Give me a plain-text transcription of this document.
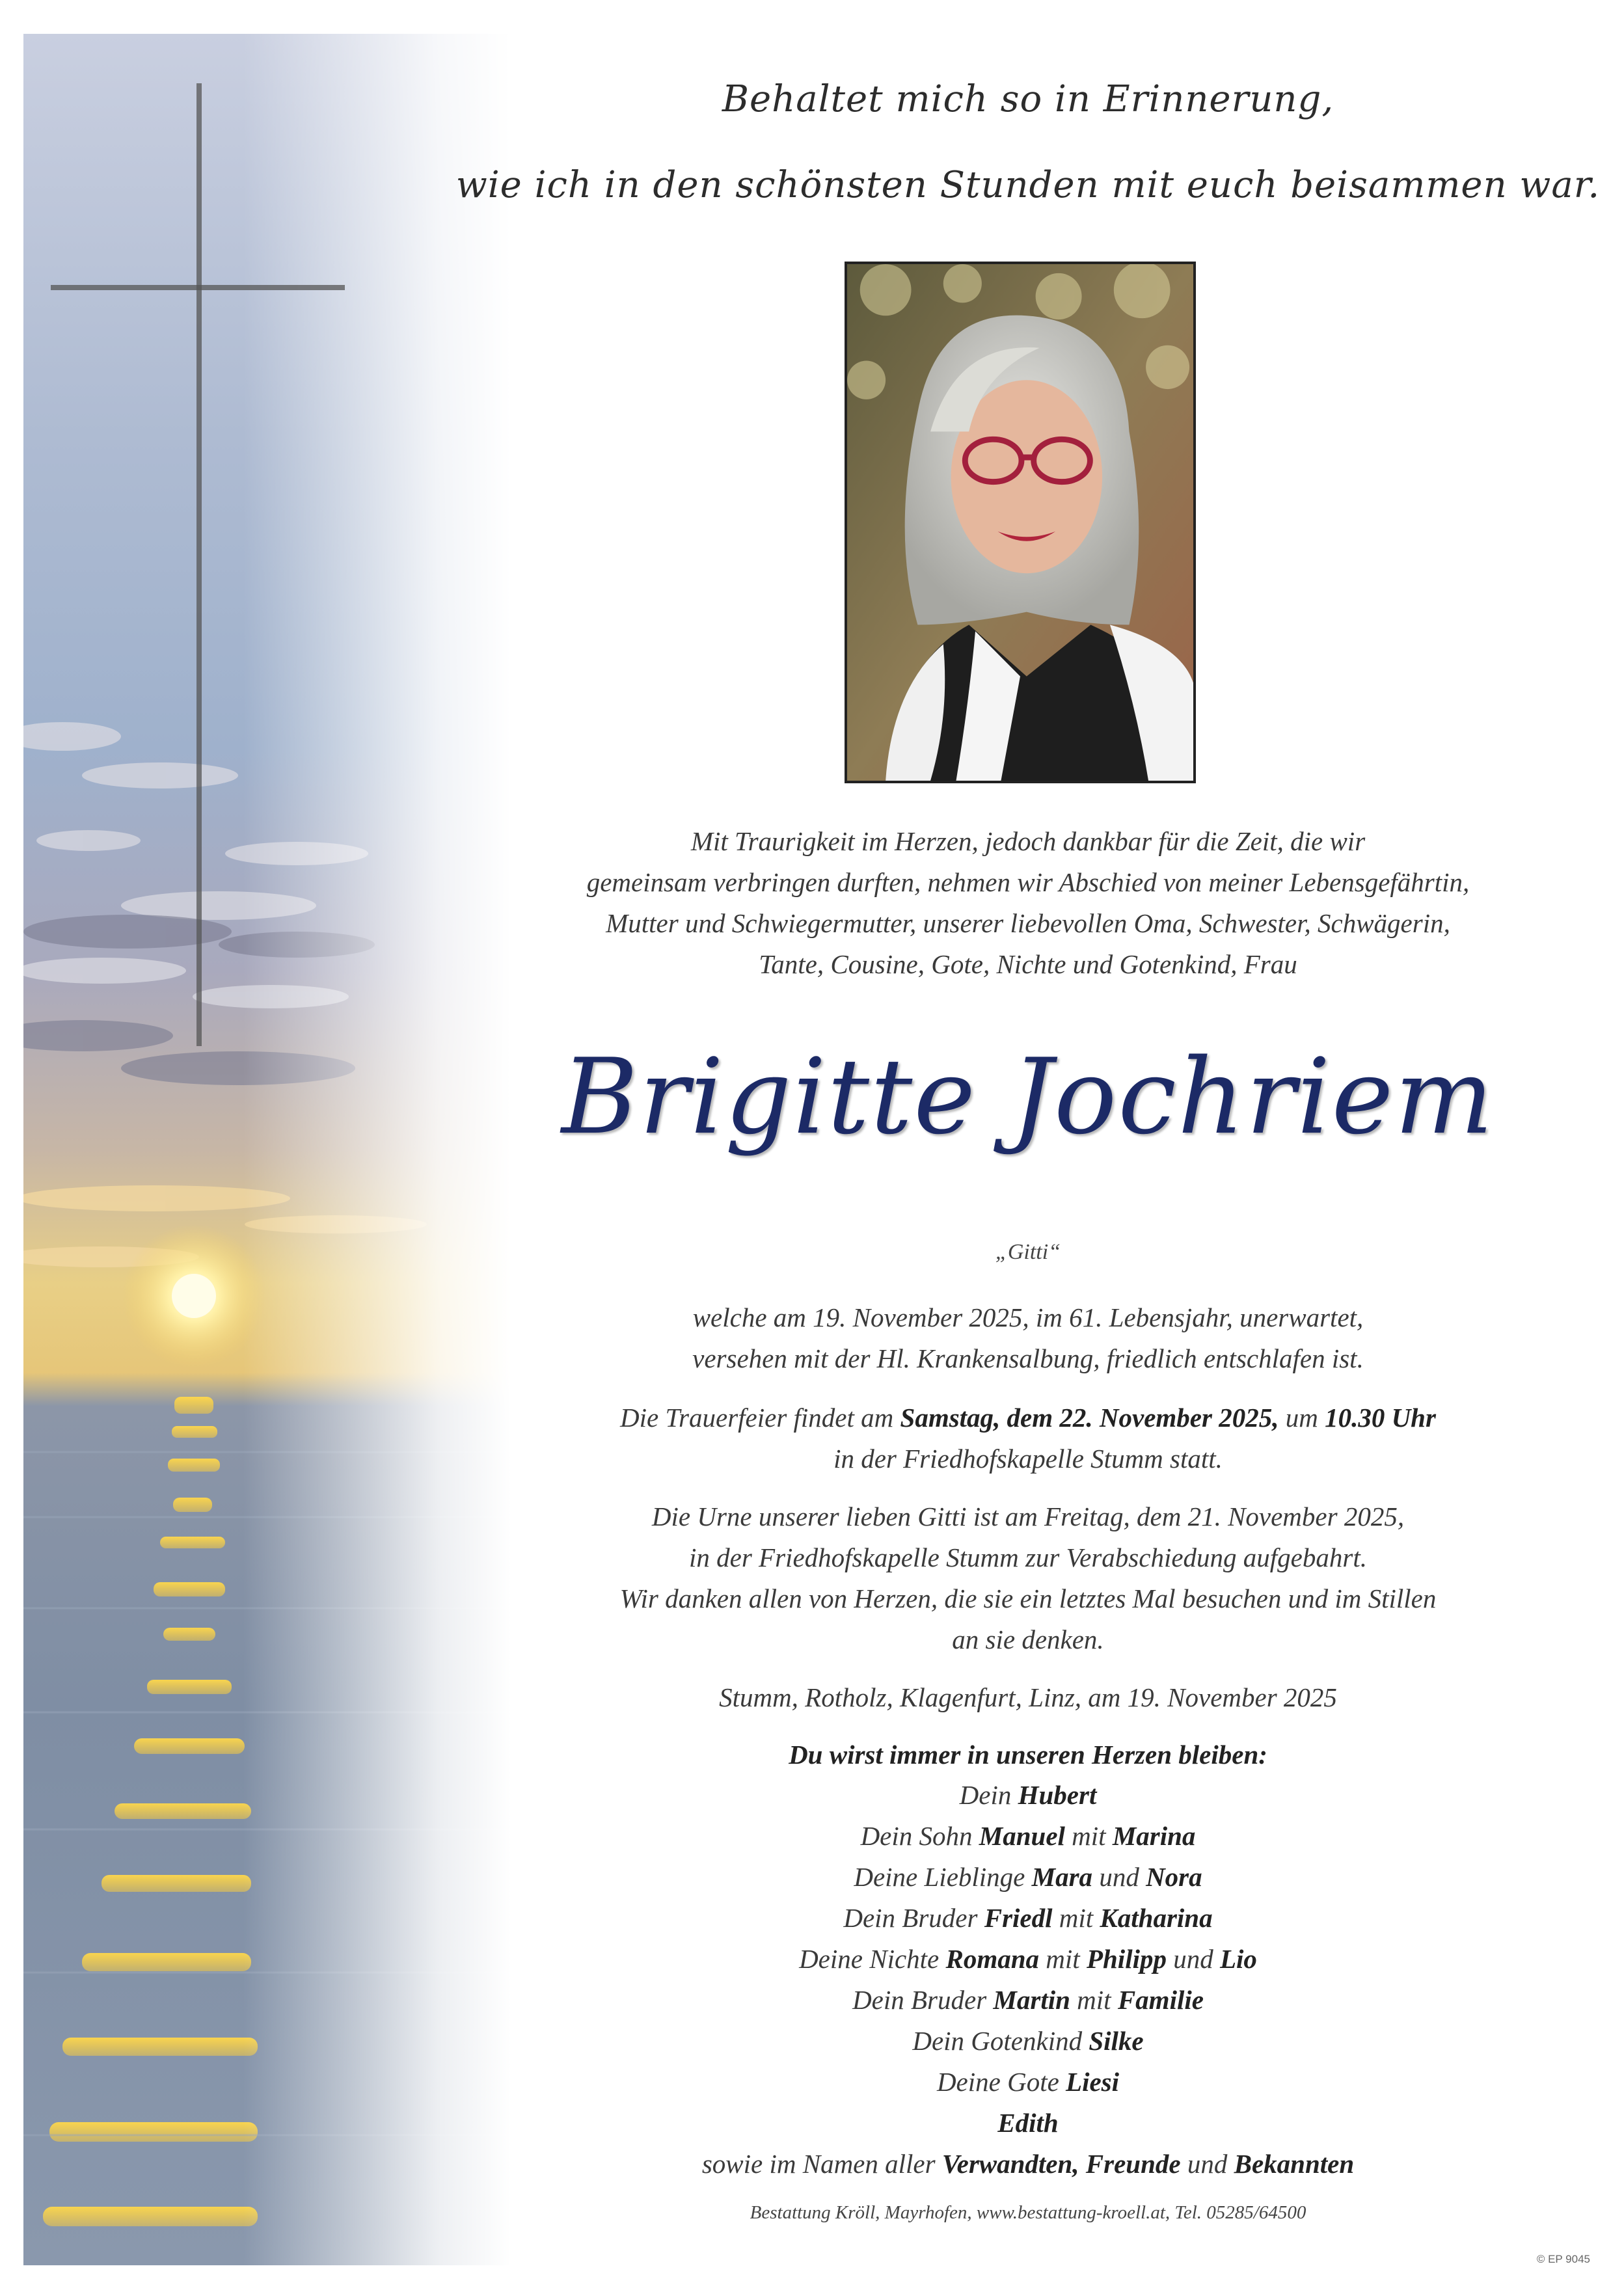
Behaltet mich so in Erinnerung,
wie ich in den schönsten Stunden mit euch beisammen war.

Mit Traurigkeit im Herzen, jedoch dankbar für die Zeit, die wir

gemeinsam verbringen durften, nehmen wir Abschied von meiner Lebensgefährtin,

Mutter und Schwiegermutter, unserer liebevollen Oma, Schwester, Schwägerin,

Tante, Cousine, Gote, Nichte und Gotenkind, Frau

Brigitte Jochriem
„Gitti“

welche am 19. November 2025, im 61. Lebensjahr, unerwartet,

versehen mit der Hl. Krankensalbung, friedlich entschlafen ist.

Die Trauerfeier findet am Samstag, dem 22. November 2025, um 10.30 Uhr

in der Friedhofskapelle Stumm statt.

Die Urne unserer lieben Gitti ist am Freitag, dem 21. November 2025,

in der Friedhofskapelle Stumm zur Verabschiedung aufgebahrt.

Wir danken allen von Herzen, die sie ein letztes Mal besuchen und im Stillen

an sie denken.

Stumm, Rotholz, Klagenfurt, Linz, am 19. November 2025
Du wirst immer in unseren Herzen bleiben:

Dein Hubert

Dein Sohn Manuel mit Marina

Deine Lieblinge Mara und Nora

Dein Bruder Friedl mit Katharina

Deine Nichte Romana mit Philipp und Lio

Dein Bruder Martin mit Familie

Dein Gotenkind Silke

Deine Gote Liesi

Edith

sowie im Namen aller Verwandten, Freunde und Bekannten

Bestattung Kröll, Mayrhofen, www.bestattung-kroell.at, Tel. 05285/64500
© EP 9045
